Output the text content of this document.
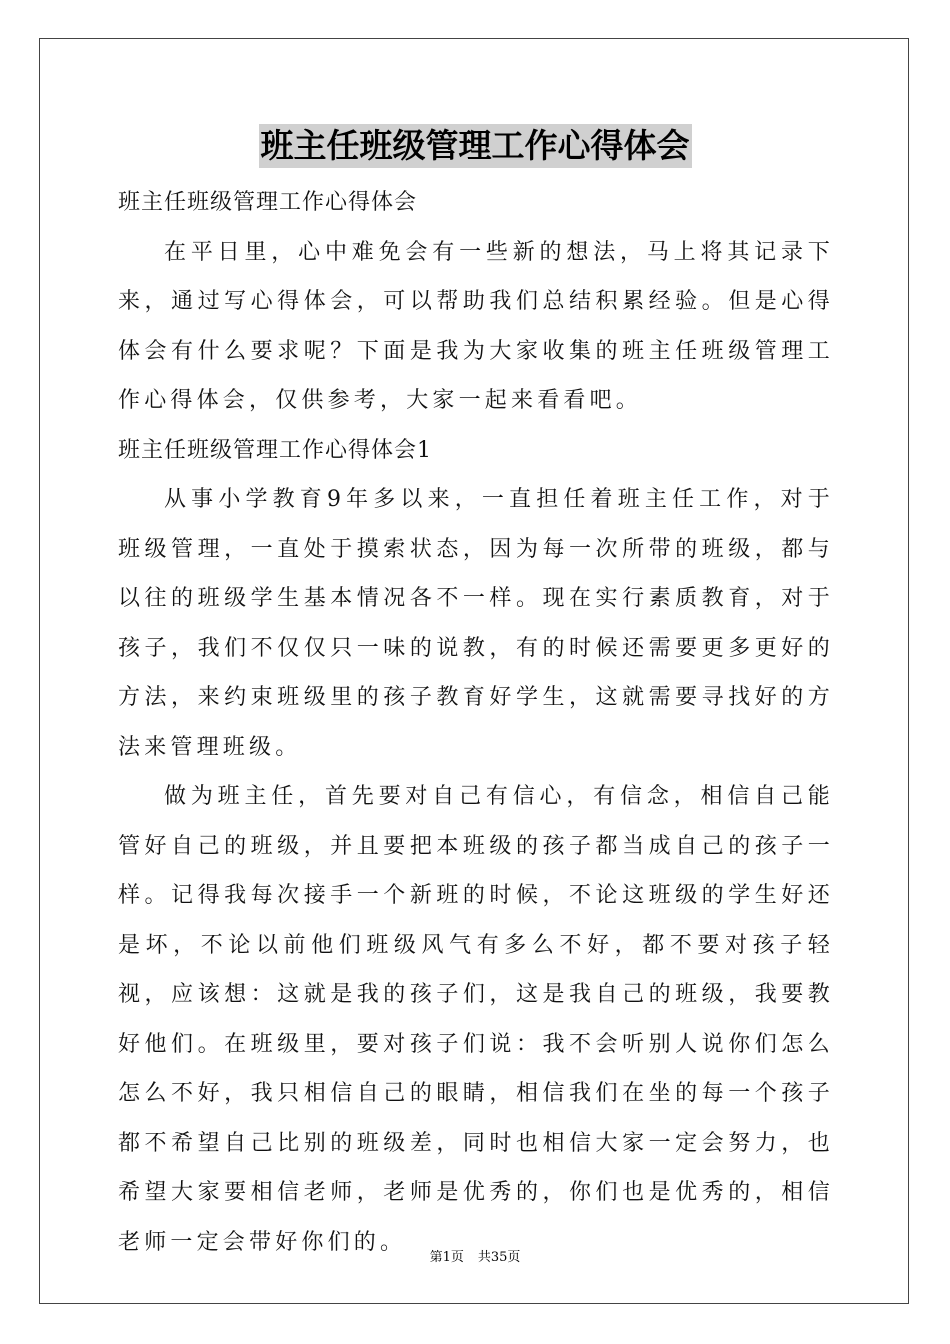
班主任班级管理工作心得体会

班主任班级管理工作心得体会

在平日里，心中难免会有一些新的想法，马上将其记录下来，通过写心得体会，可以帮助我们总结积累经验。但是心得体会有什么要求呢？下面是我为大家收集的班主任班级管理工作心得体会，仅供参考，大家一起来看看吧。

班主任班级管理工作心得体会1

从事小学教育9年多以来，一直担任着班主任工作，对于班级管理，一直处于摸索状态，因为每一次所带的班级，都与以往的班级学生基本情况各不一样。现在实行素质教育，对于孩子，我们不仅仅只一味的说教，有的时候还需要更多更好的方法，来约束班级里的孩子教育好学生，这就需要寻找好的方法来管理班级。

做为班主任，首先要对自己有信心，有信念，相信自己能管好自己的班级，并且要把本班级的孩子都当成自己的孩子一样。记得我每次接手一个新班的时候，不论这班级的学生好还是坏，不论以前他们班级风气有多么不好，都不要对孩子轻视，应该想：这就是我的孩子们，这是我自己的班级，我要教好他们。在班级里，要对孩子们说：我不会听别人说你们怎么怎么不好，我只相信自己的眼睛，相信我们在坐的每一个孩子都不希望自己比别的班级差，同时也相信大家一定会努力，也希望大家要相信老师，老师是优秀的，你们也是优秀的，相信老师一定会带好你们的。

第1页 共35页
